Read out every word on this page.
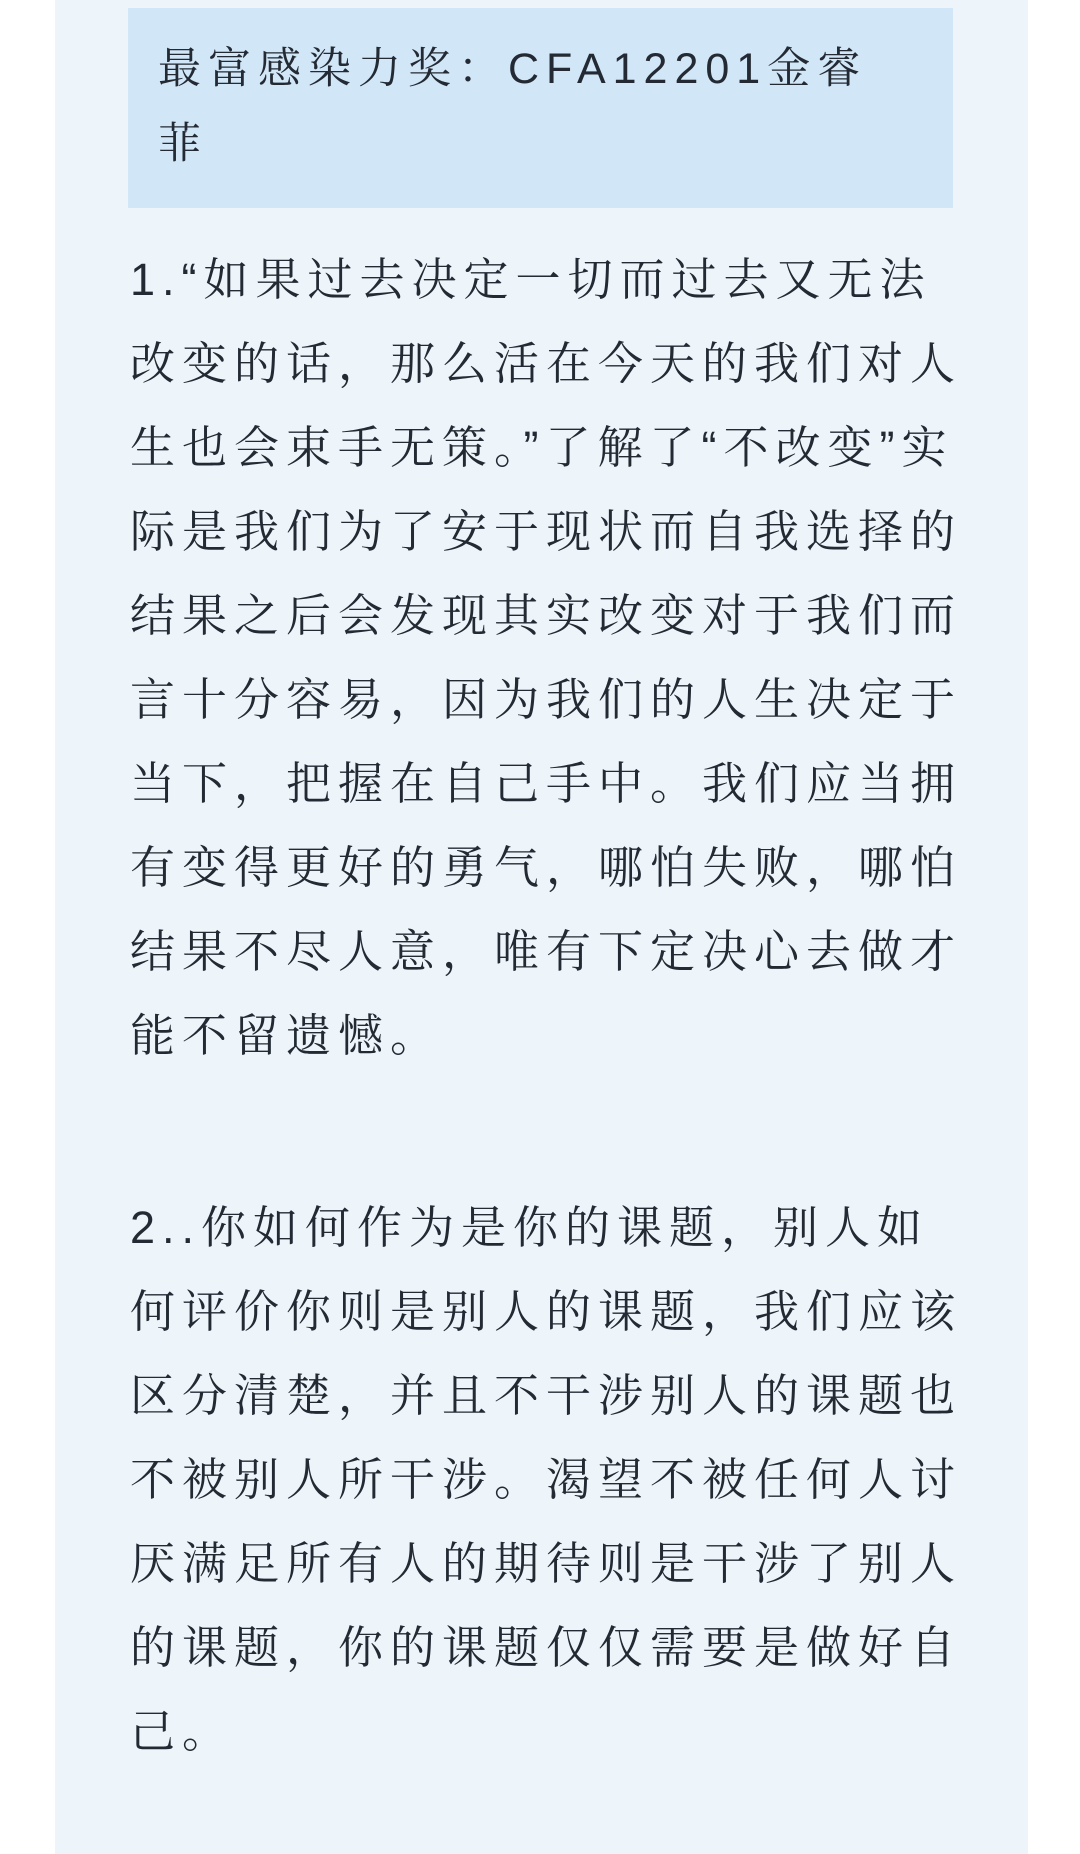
最富感染力奖：CFA12201金睿菲

1.“如果过去决定一切而过去又无法改变的话，那么活在今天的我们对人生也会束手无策。”了解了“不改变”实际是我们为了安于现状而自我选择的结果之后会发现其实改变对于我们而言十分容易，因为我们的人生决定于当下，把握在自己手中。我们应当拥有变得更好的勇气，哪怕失败，哪怕结果不尽人意，唯有下定决心去做才能不留遗憾。

2..你如何作为是你的课题，别人如何评价你则是别人的课题，我们应该区分清楚，并且不干涉别人的课题也不被别人所干涉。渴望不被任何人讨厌满足所有人的期待则是干涉了别人的课题，你的课题仅仅需要是做好自己。
